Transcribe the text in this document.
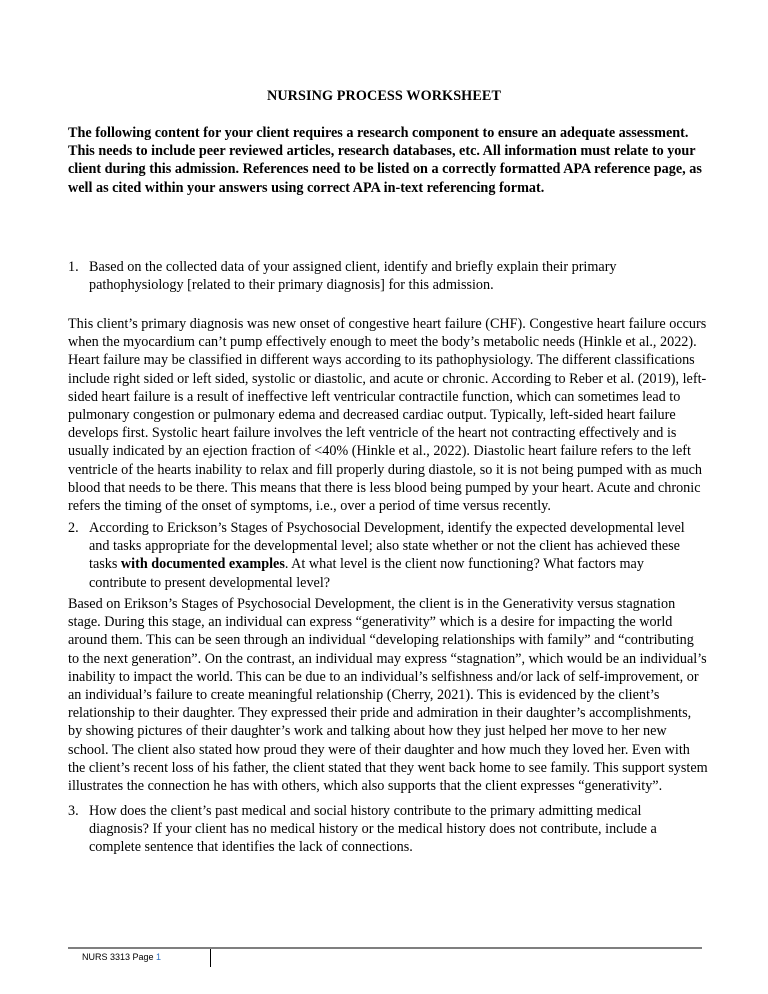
NURSING PROCESS WORKSHEET
The following content for your client requires a research component to ensure an adequate assessment. This needs to include peer reviewed articles, research databases, etc. All information must relate to your client during this admission. References need to be listed on a correctly formatted APA reference page, as well as cited within your answers using correct APA in-text referencing format.
1. Based on the collected data of your assigned client, identify and briefly explain their primary pathophysiology [related to their primary diagnosis] for this admission.
This client’s primary diagnosis was new onset of congestive heart failure (CHF). Congestive heart failure occurs when the myocardium can’t pump effectively enough to meet the body’s metabolic needs (Hinkle et al., 2022). Heart failure may be classified in different ways according to its pathophysiology. The different classifications include right sided or left sided, systolic or diastolic, and acute or chronic. According to Reber et al. (2019), left-sided heart failure is a result of ineffective left ventricular contractile function, which can sometimes lead to pulmonary congestion or pulmonary edema and decreased cardiac output. Typically, left-sided heart failure develops first. Systolic heart failure involves the left ventricle of the heart not contracting effectively and is usually indicated by an ejection fraction of <40% (Hinkle et al., 2022). Diastolic heart failure refers to the left ventricle of the hearts inability to relax and fill properly during diastole, so it is not being pumped with as much blood that needs to be there. This means that there is less blood being pumped by your heart. Acute and chronic refers the timing of the onset of symptoms, i.e., over a period of time versus recently.
2. According to Erickson’s Stages of Psychosocial Development, identify the expected developmental level and tasks appropriate for the developmental level; also state whether or not the client has achieved these tasks with documented examples. At what level is the client now functioning? What factors may contribute to present developmental level?
Based on Erikson’s Stages of Psychosocial Development, the client is in the Generativity versus stagnation stage. During this stage, an individual can express “generativity” which is a desire for impacting the world around them. This can be seen through an individual “developing relationships with family” and “contributing to the next generation”. On the contrast, an individual may express “stagnation”, which would be an individual’s inability to impact the world. This can be due to an individual’s selfishness and/or lack of self-improvement, or an individual’s failure to create meaningful relationship (Cherry, 2021). This is evidenced by the client’s relationship to their daughter. They expressed their pride and admiration in their daughter’s accomplishments, by showing pictures of their daughter’s work and talking about how they just helped her move to her new school. The client also stated how proud they were of their daughter and how much they loved her. Even with the client’s recent loss of his father, the client stated that they went back home to see family. This support system illustrates the connection he has with others, which also supports that the client expresses “generativity”.
3. How does the client’s past medical and social history contribute to the primary admitting medical diagnosis? If your client has no medical history or the medical history does not contribute, include a complete sentence that identifies the lack of connections.
NURS 3313 Page 1
